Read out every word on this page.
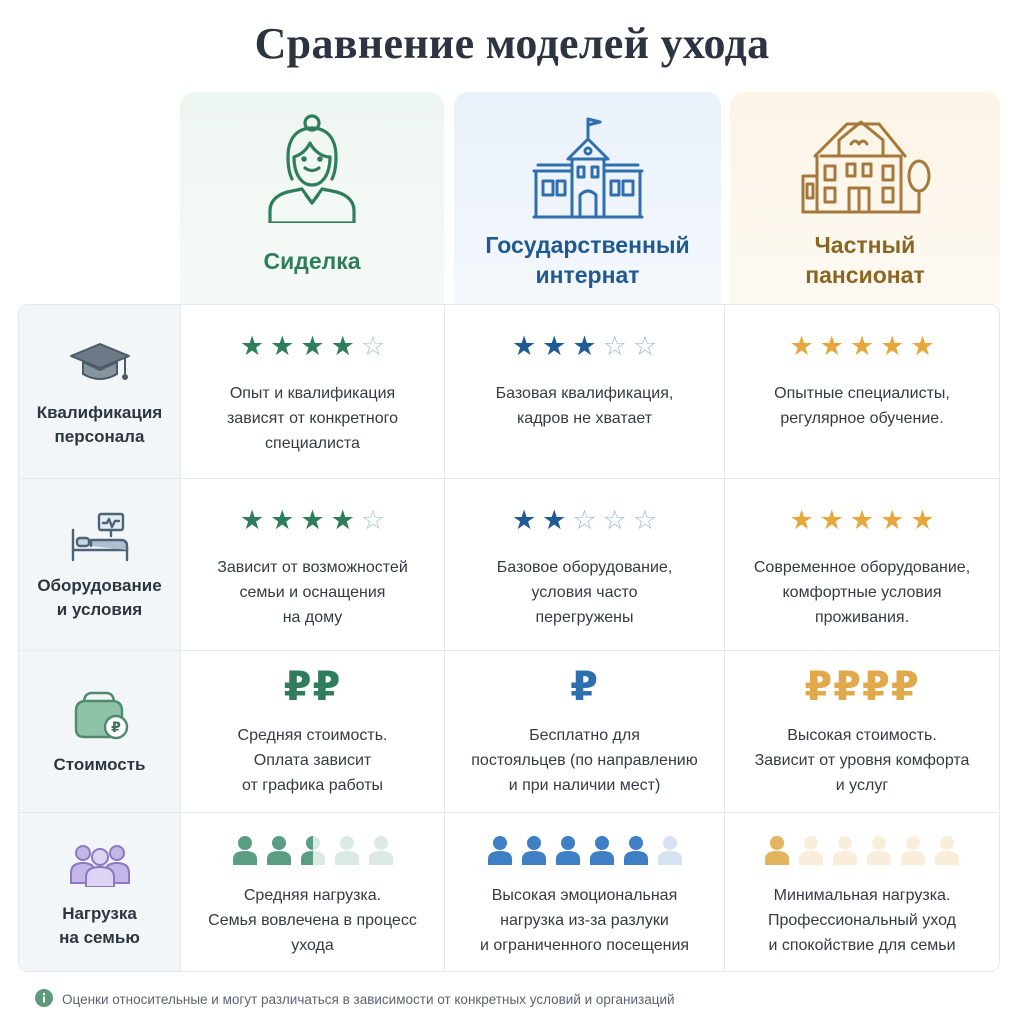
Сравнение моделей ухода
Сиделка
Государственный
интернат
Частный
пансионат
Квалификация
персонала
★ ★ ★ ★ ☆
Опыт и квалификация
зависят от конкретного
специалиста
★ ★ ★ ☆ ☆
Базовая квалификация,
кадров не хватает
★ ★ ★ ★ ★
Опытные специалисты,
регулярное обучение.
Оборудование
и условия
★ ★ ★ ★ ☆
Зависит от возможностей
семьи и оснащения
на дому
★ ★ ☆ ☆ ☆
Базовое оборудование,
условия часто
перегружены
★ ★ ★ ★ ★
Современное оборудование,
комфортные условия
проживания.
₽
Стоимость
₽₽
Средняя стоимость.
Оплата зависит
от графика работы
₽
Бесплатно для
постояльцев (по направлению
и при наличии мест)
₽₽₽₽
Высокая стоимость.
Зависит от уровня комфорта
и услуг
Нагрузка
на семью
Средняя нагрузка.
Семья вовлечена в процесс
ухода
Высокая эмоциональная
нагрузка из-за разлуки
и ограниченного посещения
Минимальная нагрузка.
Профессиональный уход
и спокойствие для семьи
Оценки относительные и могут различаться в зависимости от конкретных условий и организаций
